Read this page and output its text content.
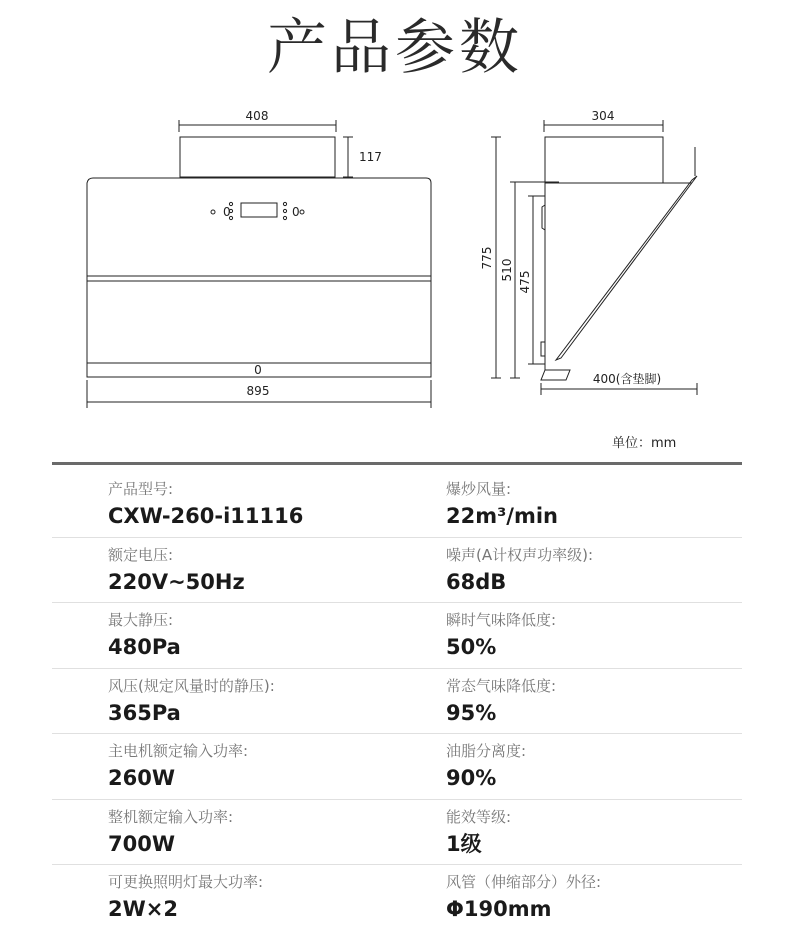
产品参数
408
117
0	0
0
895
304
775
510
475
400(含垫脚)
单位：mm
产品型号:
CXW-260-i11116
爆炒风量:
22m³/min
额定电压:
220V~50Hz
噪声(A计权声功率级):
68dB
最大静压:
480Pa
瞬时气味降低度:
50%
风压(规定风量时的静压):
365Pa
常态气味降低度:
95%
主电机额定输入功率:
260W
油脂分离度:
90%
整机额定输入功率:
700W
能效等级:
1级
可更换照明灯最大功率:
2W×2
风管（伸缩部分）外径:
Φ190mm
